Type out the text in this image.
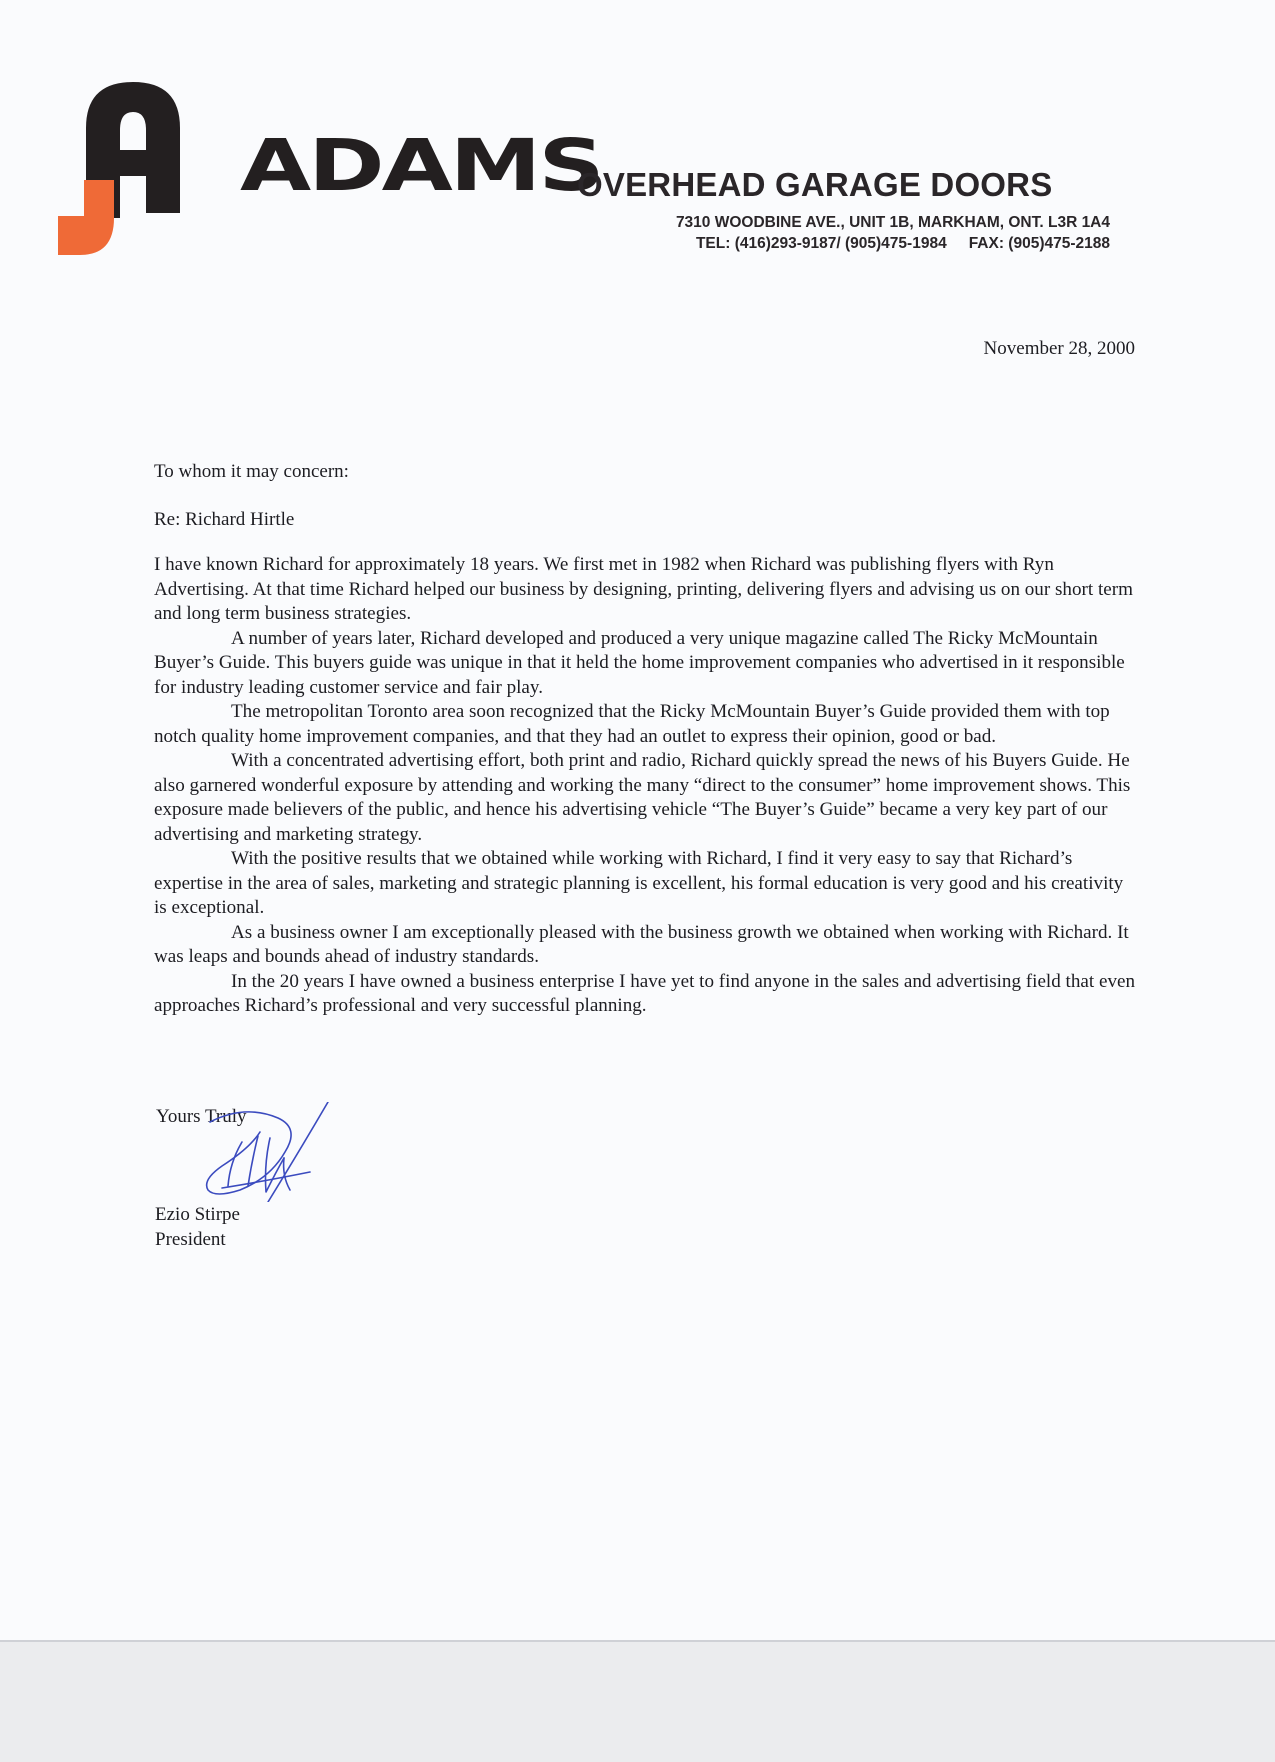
ADAMS
OVERHEAD GARAGE DOORS
7310 WOODBINE AVE., UNIT 1B, MARKHAM, ONT. L3R 1A4
TEL: (416)293-9187/ (905)475-1984 FAX: (905)475-2188
November 28, 2000
To whom it may concern:
Re: Richard Hirtle

I have known Richard for approximately 18 years. We first met in 1982 when Richard was publishing flyers with Ryn Advertising. At that time Richard helped our business by designing, printing, delivering flyers and advising us on our short term and long term business strategies.

A number of years later, Richard developed and produced a very unique magazine called The Ricky McMountain Buyer’s Guide. This buyers guide was unique in that it held the home improvement companies who advertised in it responsible for industry leading customer service and fair play.

The metropolitan Toronto area soon recognized that the Ricky McMountain Buyer’s Guide provided them with top notch quality home improvement companies, and that they had an outlet to express their opinion, good or bad.

With a concentrated advertising effort, both print and radio, Richard quickly spread the news of his Buyers Guide. He also garnered wonderful exposure by attending and working the many “direct to the consumer” home improvement shows. This exposure made believers of the public, and hence his advertising vehicle “The Buyer’s Guide” became a very key part of our advertising and marketing strategy.

With the positive results that we obtained while working with Richard, I find it very easy to say that Richard’s expertise in the area of sales, marketing and strategic planning is excellent, his formal education is very good and his creativity is exceptional.

As a business owner I am exceptionally pleased with the business growth we obtained when working with Richard. It was leaps and bounds ahead of industry standards.

In the 20 years I have owned a business enterprise I have yet to find anyone in the sales and advertising field that even approaches Richard’s professional and very successful planning.

Yours Truly
Ezio Stirpe
President
